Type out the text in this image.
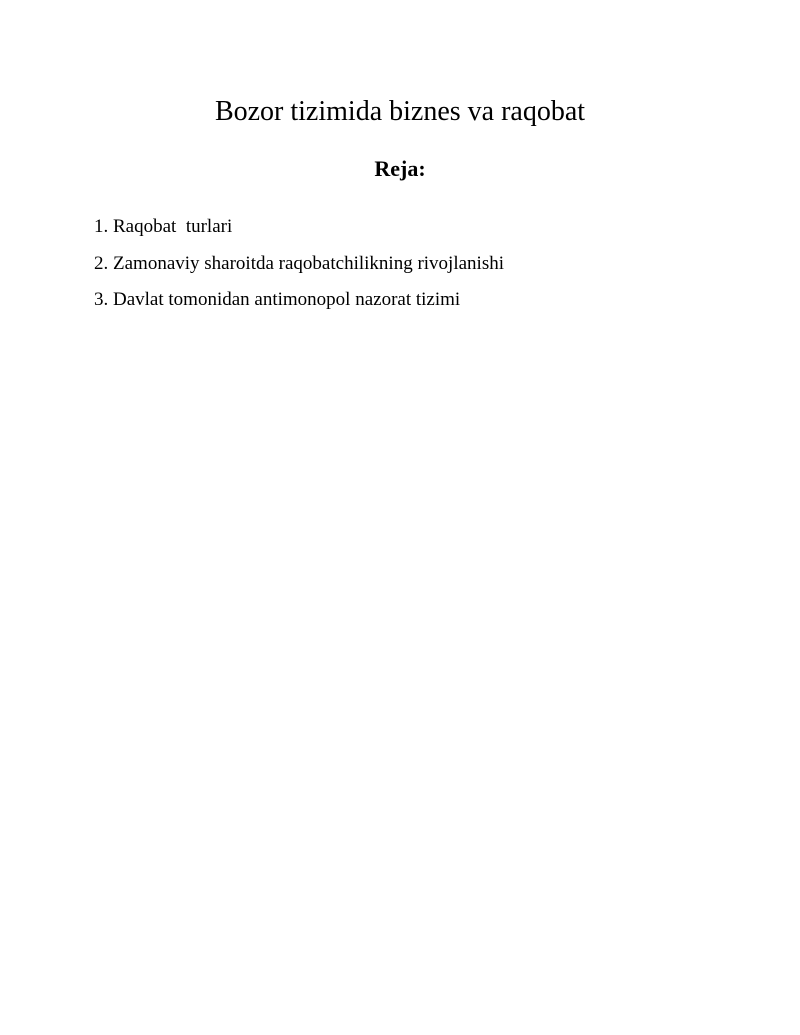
Bozor tizimida biznes va raqobat
Reja:
1. Raqobat  turlari
2. Zamonaviy sharoitda raqobatchilikning rivojlanishi
3. Davlat tomonidan antimonopol nazorat tizimi
